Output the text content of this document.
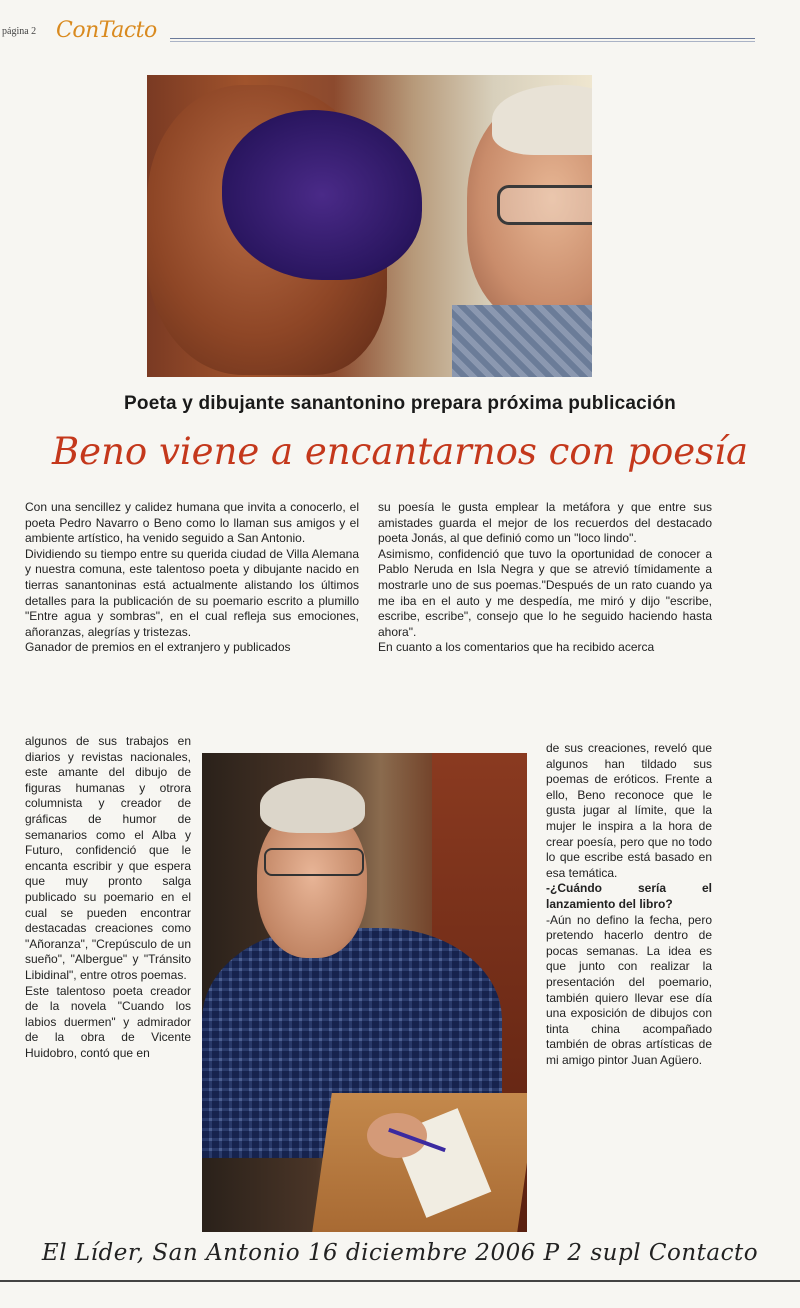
página 2 ConTacto
Poeta y dibujante sanantonino prepara próxima publicación
Beno viene a encantarnos con poesía

Con una sencillez y calidez humana que invita a conocerlo, el poeta Pedro Navarro o Beno como lo llaman sus amigos y el ambiente artístico, ha venido seguido a San Antonio.

Dividiendo su tiempo entre su querida ciudad de Villa Alemana y nuestra comuna, este talentoso poeta y dibujante nacido en tierras sanantoninas está actualmente alistando los últimos detalles para la publicación de su poemario escrito a plumillo "Entre agua y sombras", en el cual refleja sus emociones, añoranzas, alegrías y tristezas.

Ganador de premios en el extranjero y publicados

algunos de sus trabajos en diarios y revistas nacionales, este amante del dibujo de figuras humanas y otrora columnista y creador de gráficas de humor de semanarios como el Alba y Futuro, confidenció que le encanta escribir y que espera que muy pronto salga publicado su poemario en el cual se pueden encontrar destacadas creaciones como "Añoranza", "Crepúsculo de un sueño", "Albergue" y "Tránsito Libidinal", entre otros poemas.

Este talentoso poeta creador de la novela "Cuando los labios duermen" y admirador de la obra de Vicente Huidobro, contó que en

su poesía le gusta emplear la metáfora y que entre sus amistades guarda el mejor de los recuerdos del destacado poeta Jonás, al que definió como un "loco lindo".

Asimismo, confidenció que tuvo la oportunidad de conocer a Pablo Neruda en Isla Negra y que se atrevió tímidamente a mostrarle uno de sus poemas."Después de un rato cuando ya me iba en el auto y me despedía, me miró y dijo "escribe, escribe, escribe", consejo que lo he seguido haciendo hasta ahora".

En cuanto a los comentarios que ha recibido acerca

de sus creaciones, reveló que algunos han tildado sus poemas de eróticos. Frente a ello, Beno reconoce que le gusta jugar al límite, que la mujer le inspira a la hora de crear poesía, pero que no todo lo que escribe está basado en esa temática.

-¿Cuándo sería el lanzamiento del libro?

-Aún no defino la fecha, pero pretendo hacerlo dentro de pocas semanas. La idea es que junto con realizar la presentación del poemario, también quiero llevar ese día una exposición de dibujos con tinta china acompañado también de obras artísticas de mi amigo pintor Juan Agüero.

El Líder, San Antonio 16 diciembre 2006 P 2 supl Contacto
